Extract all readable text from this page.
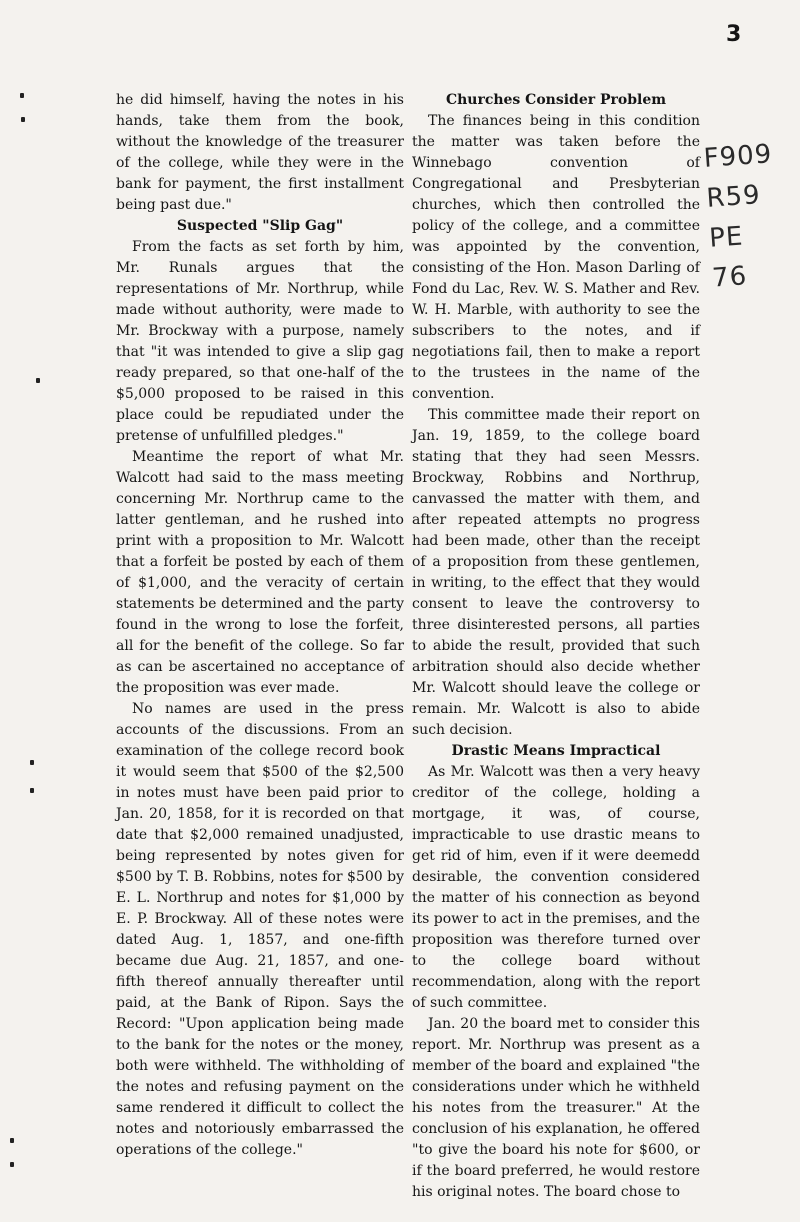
3
F909
R59
PE
76

he did himself, having the notes in his hands, take them from the book, without the knowledge of the treasurer of the college, while they were in the bank for payment, the first installment being past due."

Suspected "Slip Gag"

From the facts as set forth by him, Mr. Runals argues that the representations of Mr. Northrup, while made without authority, were made to Mr. Brockway with a purpose, namely that "it was intended to give a slip gag ready prepared, so that one-half of the $5,000 proposed to be raised in this place could be repudiated under the pretense of unfulfilled pledges."

Meantime the report of what Mr. Walcott had said to the mass meeting concerning Mr. Northrup came to the latter gentleman, and he rushed into print with a proposition to Mr. Walcott that a forfeit be posted by each of them of $1,000, and the veracity of certain statements be determined and the party found in the wrong to lose the forfeit, all for the benefit of the college. So far as can be ascertained no acceptance of the proposition was ever made.

No names are used in the press accounts of the discussions. From an examination of the college record book it would seem that $500 of the $2,500 in notes must have been paid prior to Jan. 20, 1858, for it is recorded on that date that $2,000 remained unadjusted, being represented by notes given for $500 by T. B. Robbins, notes for $500 by E. L. Northrup and notes for $1,000 by E. P. Brockway. All of these notes were dated Aug. 1, 1857, and one-fifth became due Aug. 21, 1857, and one-fifth thereof annually thereafter until paid, at the Bank of Ripon. Says the Record: "Upon application being made to the bank for the notes or the money, both were withheld. The withholding of the notes and refusing payment on the same rendered it difficult to collect the notes and notoriously embarrassed the operations of the college."

Churches Consider Problem

The finances being in this condition the matter was taken before the Winnebago convention of Congregational and Presbyterian churches, which then controlled the policy of the college, and a committee was appointed by the convention, consisting of the Hon. Mason Darling of Fond du Lac, Rev. W. S. Mather and Rev. W. H. Marble, with authority to see the subscribers to the notes, and if negotiations fail, then to make a report to the trustees in the name of the convention.

This committee made their report on Jan. 19, 1859, to the college board stating that they had seen Messrs. Brockway, Robbins and Northrup, canvassed the matter with them, and after repeated attempts no progress had been made, other than the receipt of a proposition from these gentlemen, in writing, to the effect that they would consent to leave the controversy to three disinterested persons, all parties to abide the result, provided that such arbitration should also decide whether Mr. Walcott should leave the college or remain. Mr. Walcott is also to abide such decision.

Drastic Means Impractical

As Mr. Walcott was then a very heavy creditor of the college, holding a mortgage, it was, of course, impracticable to use drastic means to get rid of him, even if it were deemedd desirable, the convention considered the matter of his connection as beyond its power to act in the premises, and the proposition was therefore turned over to the college board without recommendation, along with the report of such committee.

Jan. 20 the board met to consider this report. Mr. Northrup was present as a member of the board and explained "the considerations under which he withheld his notes from the treasurer." At the conclusion of his explanation, he offered "to give the board his note for $600, or if the board preferred, he would restore his original notes. The board chose to
